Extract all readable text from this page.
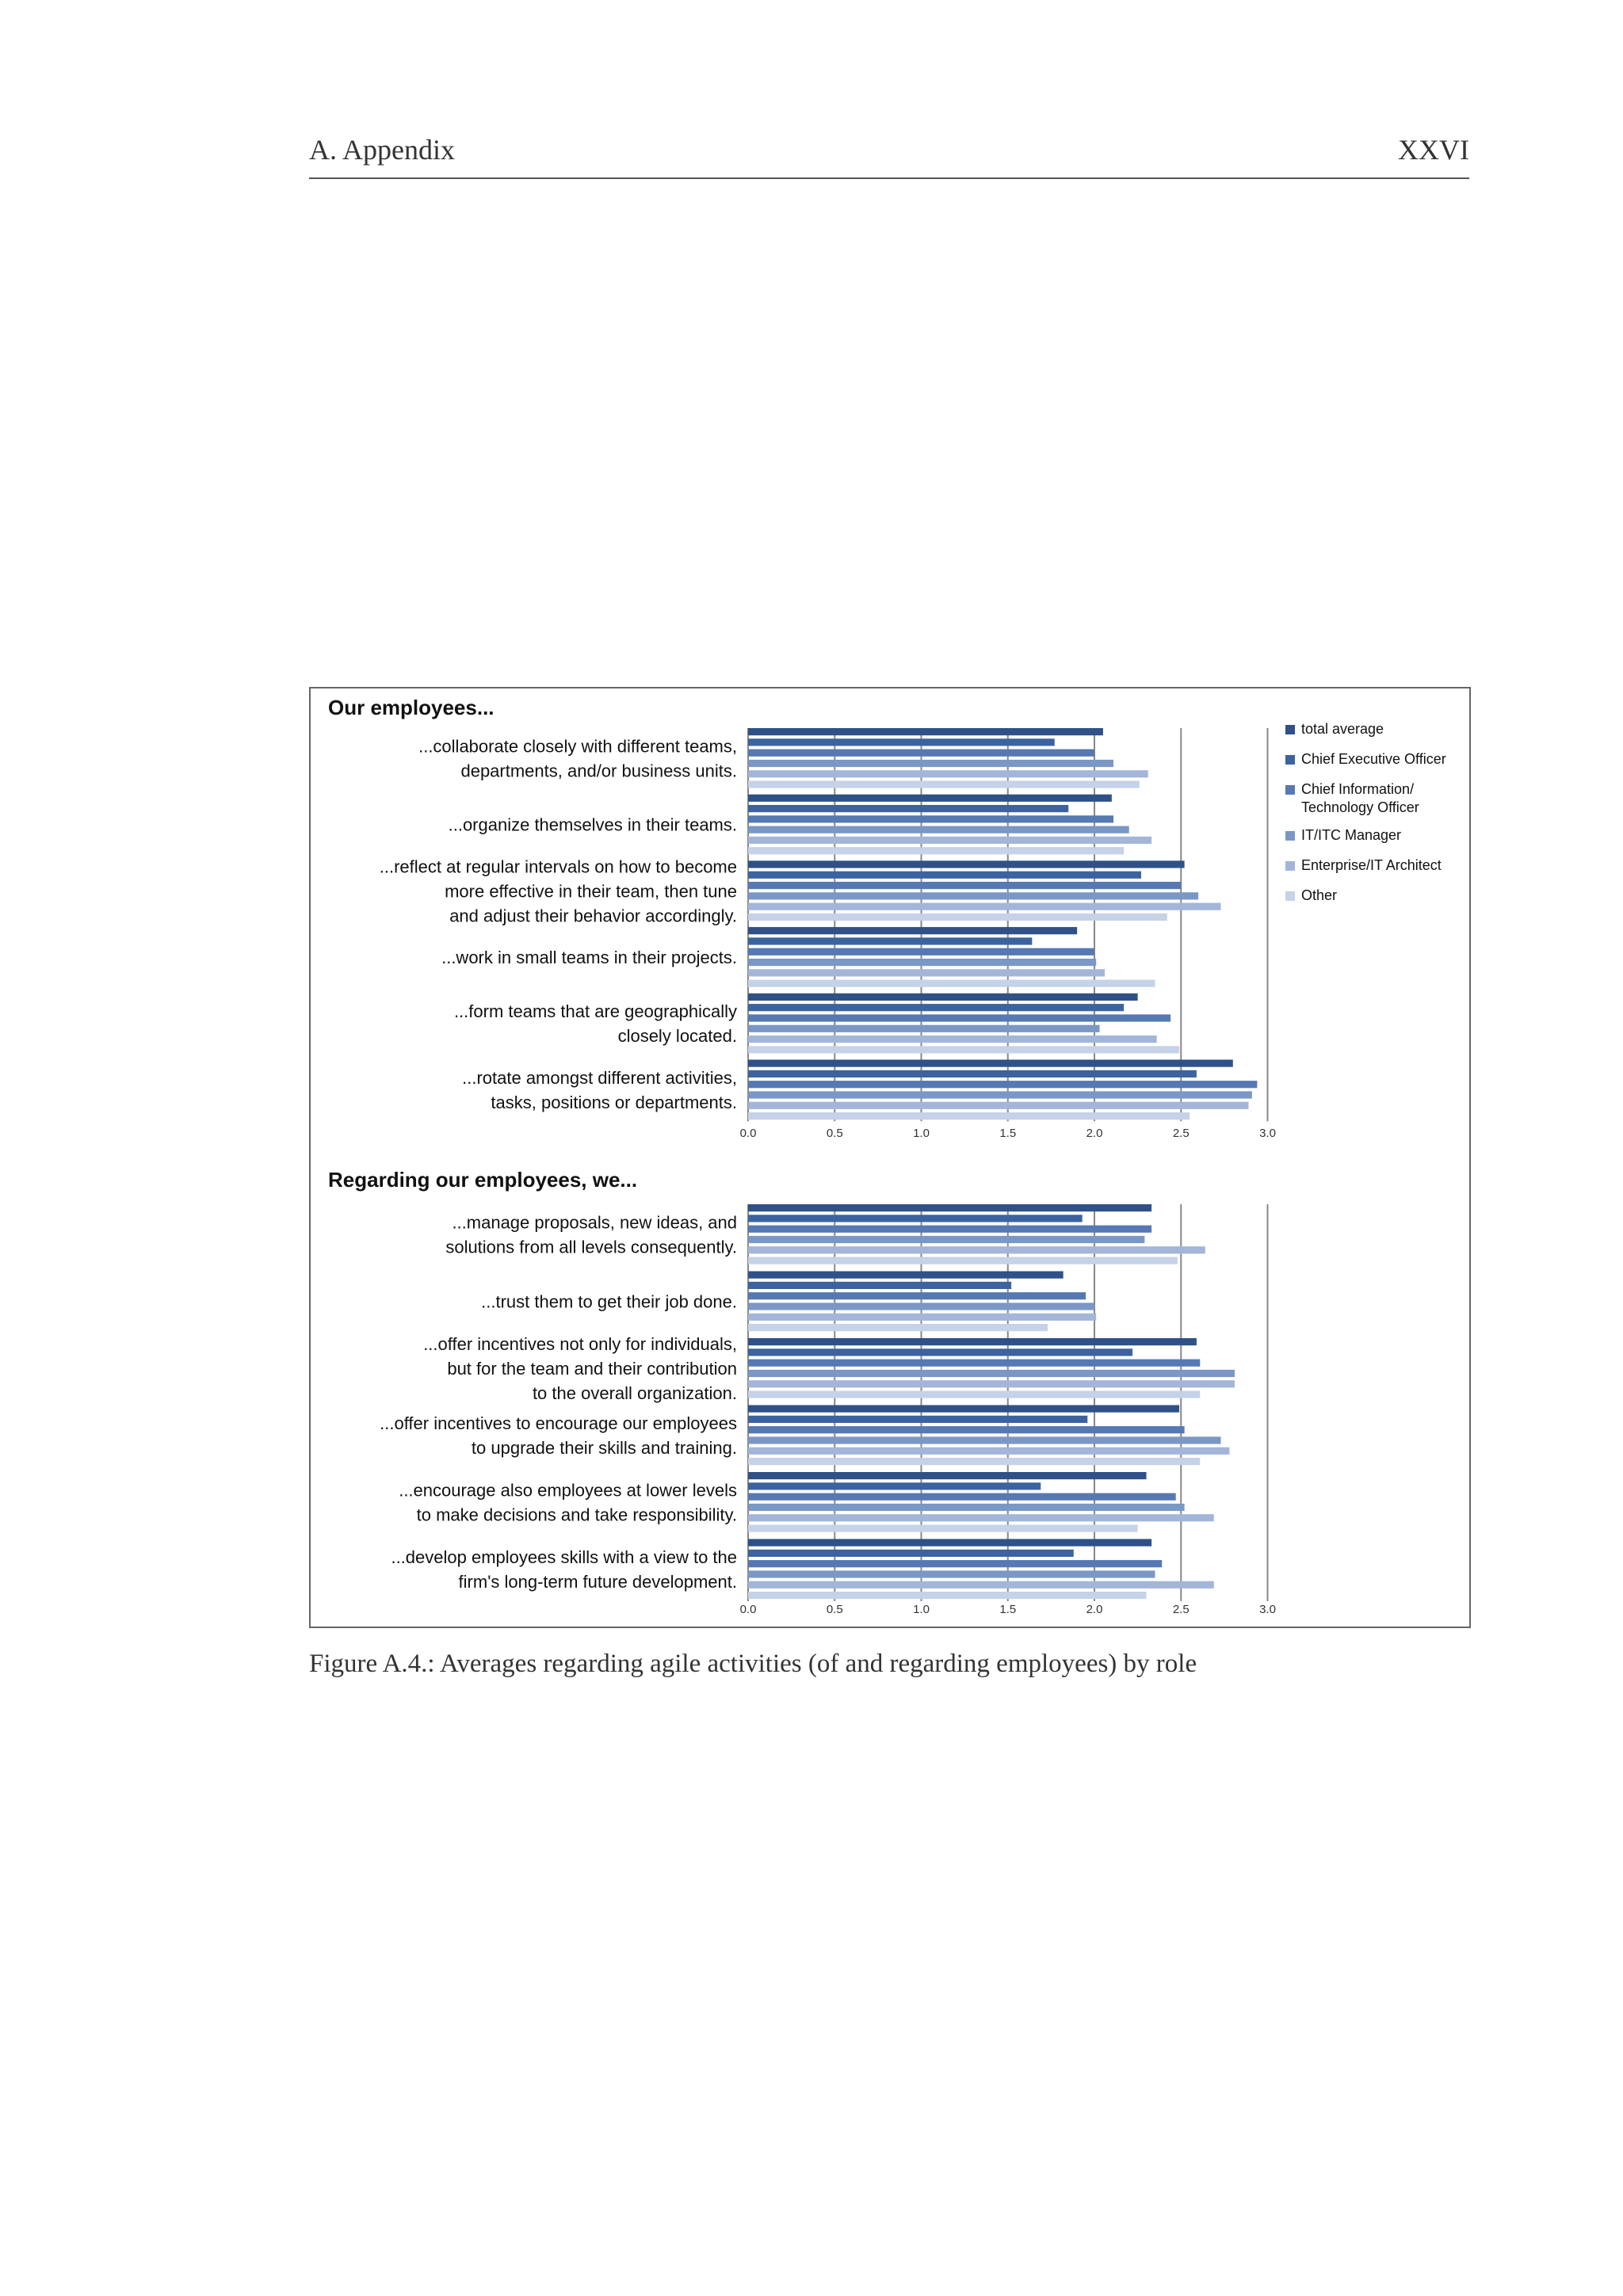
A. Appendix	XXVI
Our employees...
0.0	0.5	1.0	1.5	2.0	2.5	3.0
...collaborate closely with different teams,
departments, and/or business units.
...organize themselves in their teams.
...reflect at regular intervals on how to become
more effective in their team, then tune
and adjust their behavior accordingly.
...work in small teams in their projects.
...form teams that are geographically
closely located.
...rotate amongst different activities,
tasks, positions or departments.
Regarding our employees, we...
0.0	0.5	1.0	1.5	2.0	2.5	3.0
...manage proposals, new ideas, and
solutions from all levels consequently.
...trust them to get their job done.
...offer incentives not only for individuals,
but for the team and their contribution
to the overall organization.
...offer incentives to encourage our employees
to upgrade their skills and training.
...encourage also employees at lower levels
to make decisions and take responsibility.
...develop employees skills with a view to the
firm's long-term future development.
total average
Chief Executive Officer
Chief Information/ Technology Officer
IT/ITC Manager
Enterprise/IT Architect
Other
Figure A.4.: Averages regarding agile activities (of and regarding employees) by role
